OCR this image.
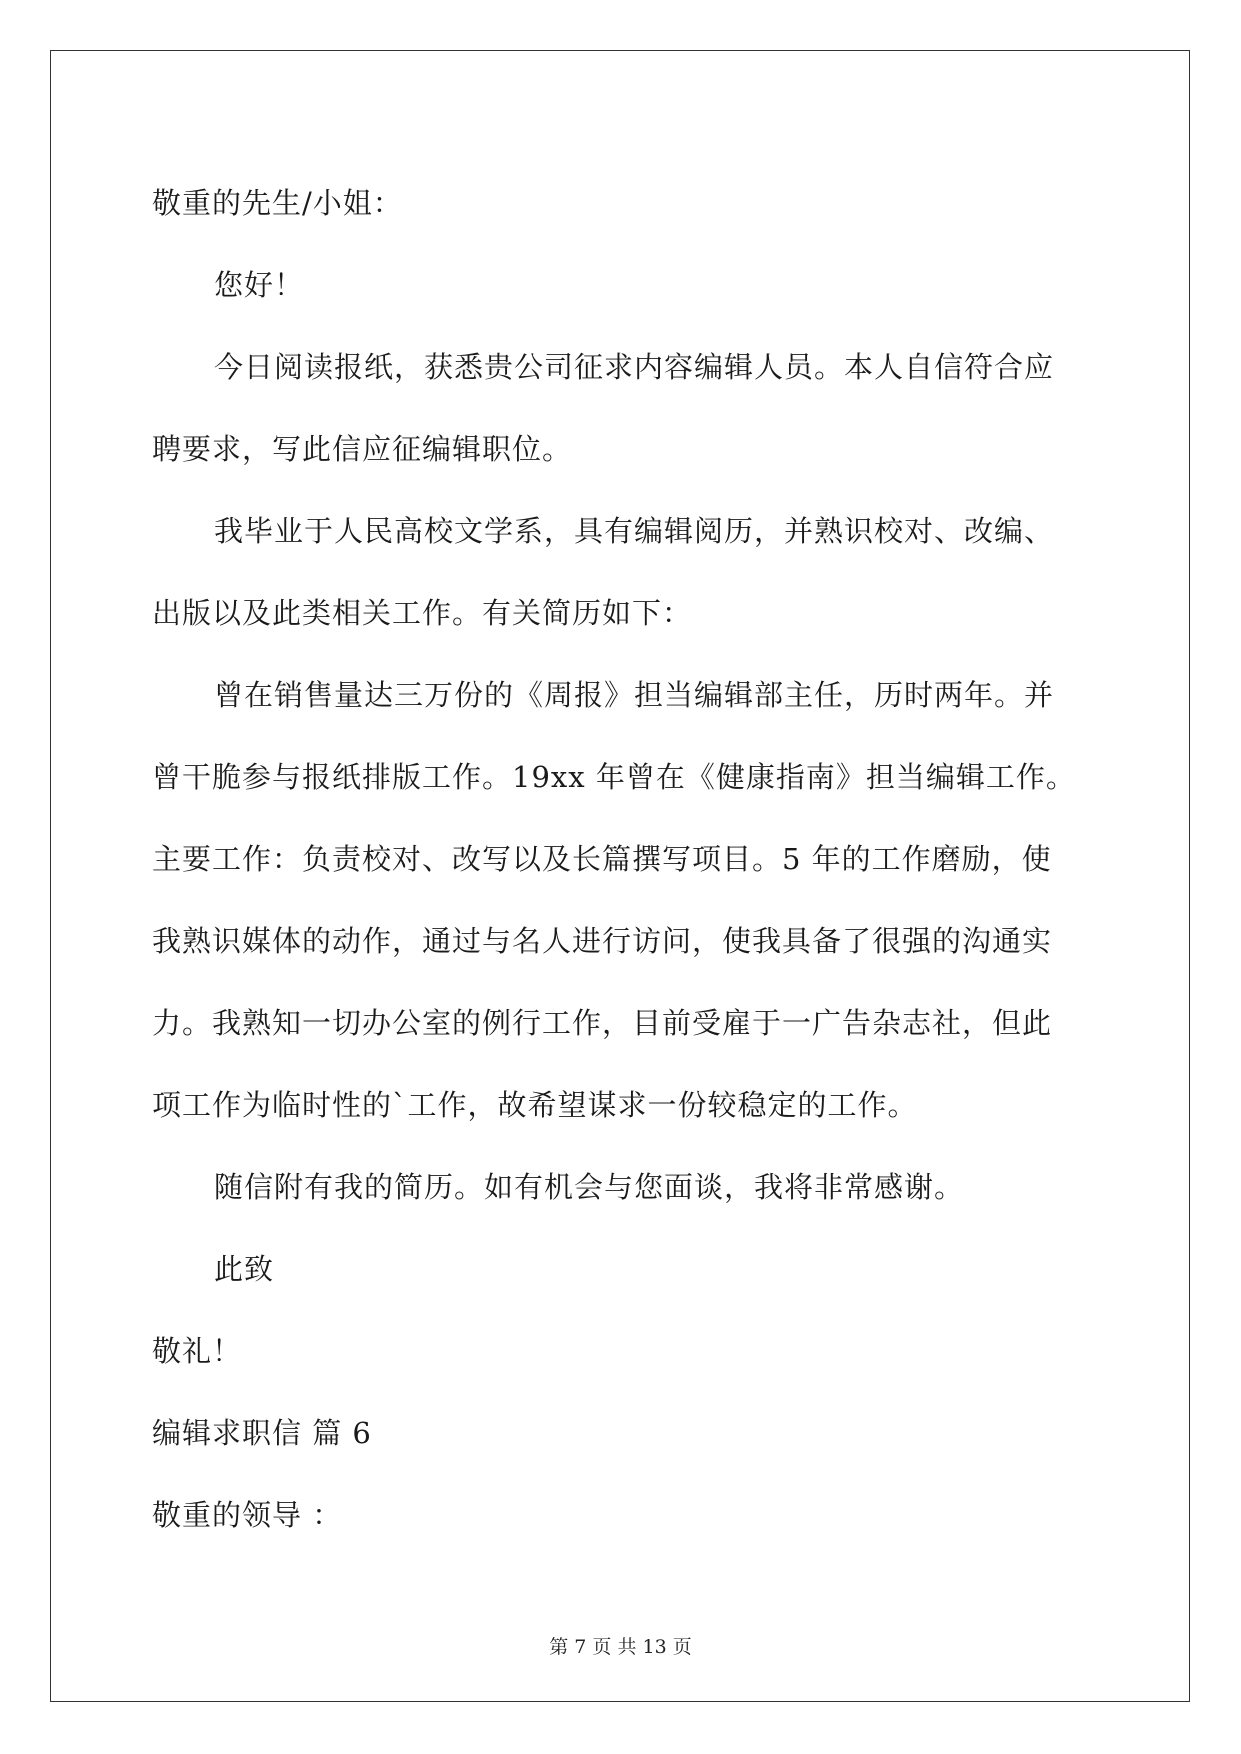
敬重的先生/小姐：

您好！

今日阅读报纸，获悉贵公司征求内容编辑人员。本人自信符合应

聘要求，写此信应征编辑职位。

我毕业于人民高校文学系，具有编辑阅历，并熟识校对、改编、

出版以及此类相关工作。有关简历如下：

曾在销售量达三万份的《周报》担当编辑部主任，历时两年。并

曾干脆参与报纸排版工作。19xx 年曾在《健康指南》担当编辑工作。

主要工作：负责校对、改写以及长篇撰写项目。5 年的工作磨励，使

我熟识媒体的动作，通过与名人进行访问，使我具备了很强的沟通实

力。我熟知一切办公室的例行工作，目前受雇于一广告杂志社，但此

项工作为临时性的`工作，故希望谋求一份较稳定的工作。

随信附有我的简历。如有机会与您面谈，我将非常感谢。

此致

敬礼！

编辑求职信 篇 6

敬重的领导 ：

第 7 页 共 13 页
